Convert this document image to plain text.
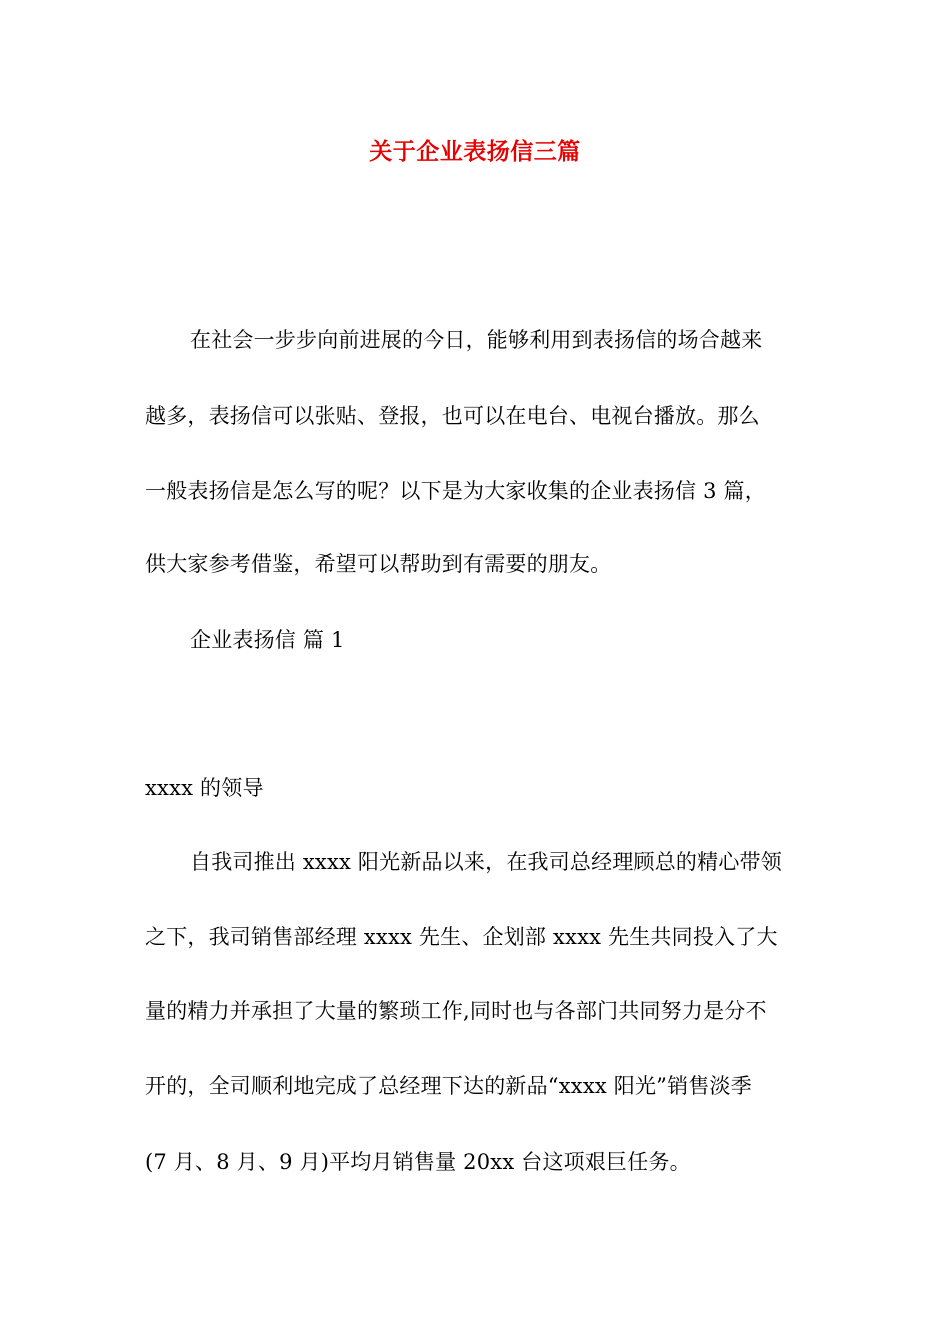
关于企业表扬信三篇
在社会一步步向前进展的今日，能够利用到表扬信的场合越来
越多，表扬信可以张贴、登报，也可以在电台、电视台播放。那么
一般表扬信是怎么写的呢？以下是为大家收集的企业表扬信 3 篇，
供大家参考借鉴，希望可以帮助到有需要的朋友。
企业表扬信 篇 1
xxxx 的领导
自我司推出 xxxx 阳光新品以来，在我司总经理顾总的精心带领
之下，我司销售部经理 xxxx 先生、企划部 xxxx 先生共同投入了大
量的精力并承担了大量的繁琐工作,同时也与各部门共同努力是分不
开的，全司顺利地完成了总经理下达的新品“xxxx 阳光”销售淡季
(7 月、8 月、9 月)平均月销售量 20xx 台这项艰巨任务。
